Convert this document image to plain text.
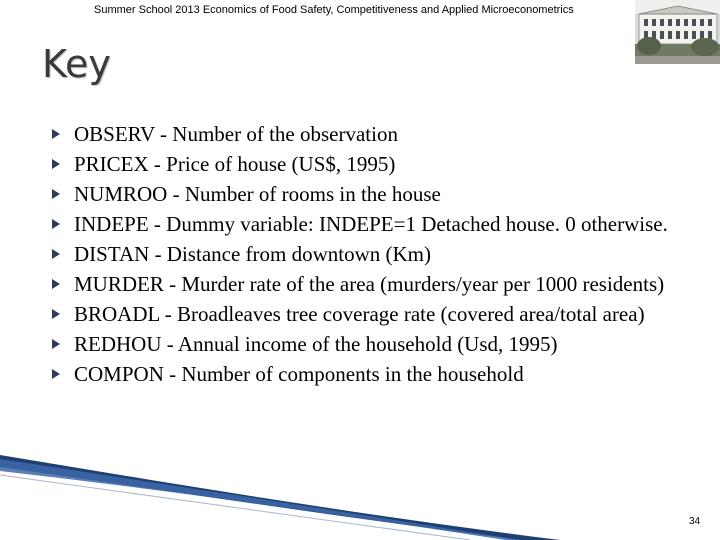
Summer School 2013 Economics of Food Safety, Competitiveness and Applied Microeconometrics
Key
OBSERV - Number of the observation
PRICEX - Price of house (US$, 1995)
NUMROO - Number of rooms in the house
INDEPE - Dummy variable: INDEPE=1 Detached house. 0 otherwise.
DISTAN - Distance from downtown (Km)
MURDER - Murder rate of the area (murders/year per 1000 residents)
BROADL - Broadleaves tree coverage rate (covered area/total area)
REDHOU - Annual income of the household (Usd, 1995)
COMPON - Number of components in the household
34
